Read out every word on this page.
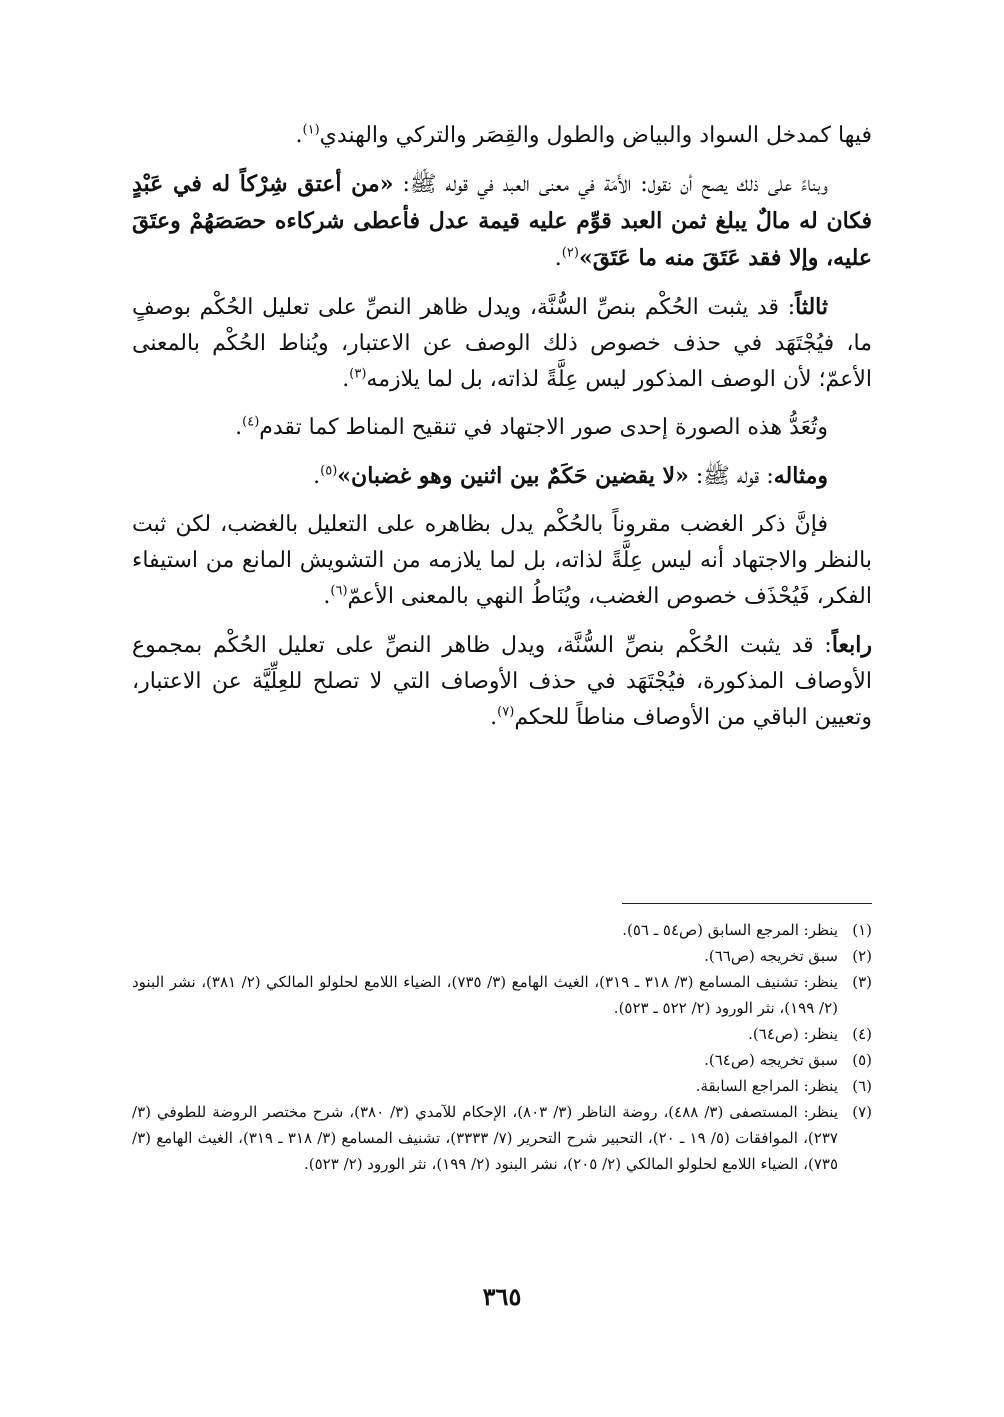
فيها كمدخل السواد والبياض والطول والقِصَر والتركي والهندي$^{(١)}$.

وبناءً على ذلك يصح أن نقول: الأَمَة في معنى العبد في قوله ﷺ: «من أعتق شِرْكاً له في عَبْدٍ فكان له مالٌ يبلغ ثمن العبد قوِّم عليه قيمة عدل فأعطى شركاءه حصَصَهُمْ وعتَقَ عليه، وإلا فقد عَتَقَ منه ما عَتَقَ»$^{(٢)}$.

ثالثاً: قد يثبت الحُكْم بنصِّ السُّنَّة، ويدل ظاهر النصِّ على تعليل الحُكْم بوصفٍ ما، فيُجْتَهَد في حذف خصوص ذلك الوصف عن الاعتبار، ويُناط الحُكْم بالمعنى الأعمّ؛ لأن الوصف المذكور ليس عِلَّةً لذاته، بل لما يلازمه$^{(٣)}$.

وتُعَدُّ هذه الصورة إحدى صور الاجتهاد في تنقيح المناط كما تقدم$^{(٤)}$.

ومثاله: قوله ﷺ: «لا يقضين حَكَمٌ بين اثنين وهو غضبان»$^{(٥)}$.

فإنَّ ذكر الغضب مقروناً بالحُكْم يدل بظاهره على التعليل بالغضب، لكن ثبت بالنظر والاجتهاد أنه ليس عِلَّةً لذاته، بل لما يلازمه من التشويش المانع من استيفاء الفكر، فَيُحْذَف خصوص الغضب، ويُنَاطُ النهي بالمعنى الأعمّ$^{(٦)}$.

رابعاً: قد يثبت الحُكْم بنصِّ السُّنَّة، ويدل ظاهر النصِّ على تعليل الحُكْم بمجموع الأوصاف المذكورة، فيُجْتَهَد في حذف الأوصاف التي لا تصلح للعِلِّيَّة عن الاعتبار، وتعيين الباقي من الأوصاف مناطاً للحكم$^{(٧)}$.

(١)
ينظر: المرجع السابق (ص٥٤ ـ ٥٦).
(٢)
سبق تخريجه (ص٦٦).
(٣)
ينظر: تشنيف المسامع (٣/ ٣١٨ ـ ٣١٩)، الغيث الهامع (٣/ ٧٣٥)، الضياء اللامع لحلولو المالكي (٢/ ٣٨١)، نشر البنود (٢/ ١٩٩)، نثر الورود (٢/ ٥٢٢ ـ ٥٢٣).
(٤)
ينظر: (ص٦٤).
(٥)
سبق تخريجه (ص٦٤).
(٦)
ينظر: المراجع السابقة.
(٧)
ينظر: المستصفى (٣/ ٤٨٨)، روضة الناظر (٣/ ٨٠٣)، الإحكام للآمدي (٣/ ٣٨٠)، شرح مختصر الروضة للطوفي (٣/ ٢٣٧)، الموافقات (٥/ ١٩ ـ ٢٠)، التحبير شرح التحرير (٧/ ٣٣٣٣)، تشنيف المسامع (٣/ ٣١٨ ـ ٣١٩)، الغيث الهامع (٣/ ٧٣٥)، الضياء اللامع لحلولو المالكي (٢/ ٢٠٥)، نشر البنود (٢/ ١٩٩)، نثر الورود (٢/ ٥٢٣).
٣٦٥
